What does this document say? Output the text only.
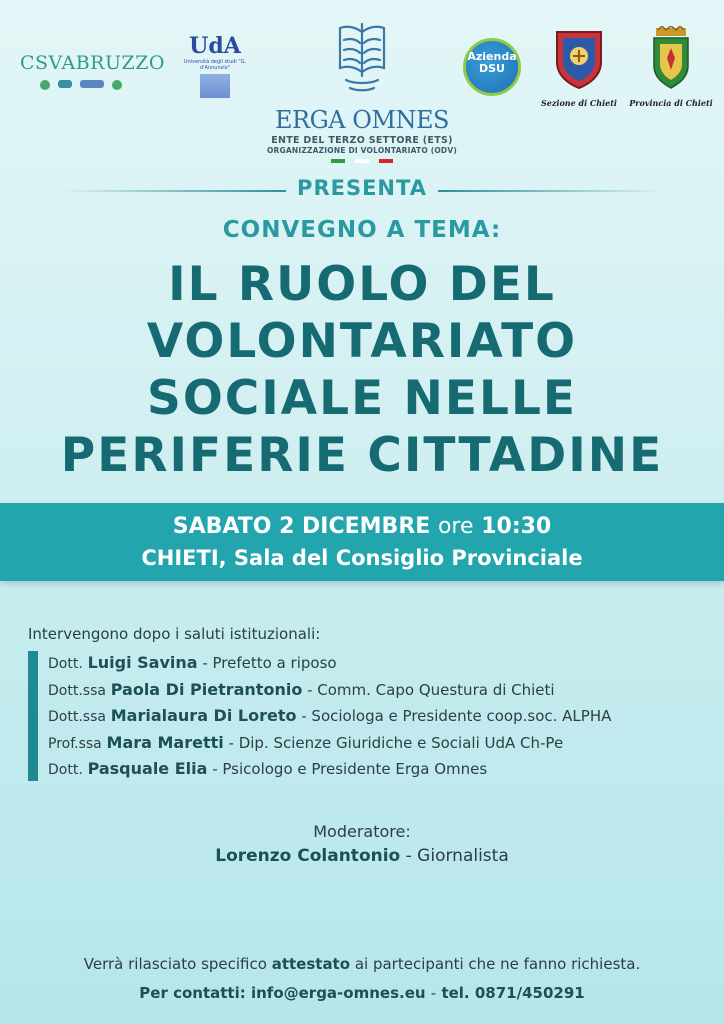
CSVABRUZZO
UdA
Università degli studi "G. d'Annunzio"
ERGA OMNES
ENTE DEL TERZO SETTORE (ETS)
ORGANIZZAZIONE DI VOLONTARIATO (ODV)
Azienda
DSU
Sezione di Chieti	Provincia di Chieti
PRESENTA
CONVEGNO A TEMA:
IL RUOLO DEL
VOLONTARIATO
SOCIALE NELLE
PERIFERIE CITTADINE
SABATO 2 DICEMBRE ore 10:30
CHIETI, Sala del Consiglio Provinciale
Intervengono dopo i saluti istituzionali:
Dott. Luigi Savina - Prefetto a riposo
Dott.ssa Paola Di Pietrantonio - Comm. Capo Questura di Chieti
Dott.ssa Marialaura Di Loreto - Sociologa e Presidente coop.soc. ALPHA
Prof.ssa Mara Maretti - Dip. Scienze Giuridiche e Sociali UdA Ch-Pe
Dott. Pasquale Elia - Psicologo e Presidente Erga Omnes
Moderatore:
Lorenzo Colantonio - Giornalista
Verrà rilasciato specifico attestato ai partecipanti che ne fanno richiesta.
Per contatti: info@erga-omnes.eu - tel. 0871/450291
